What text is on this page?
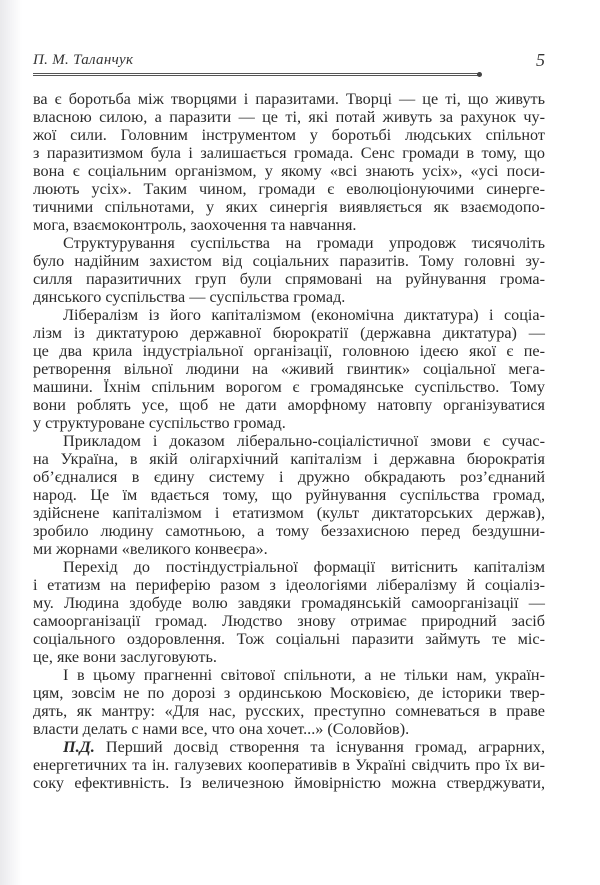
П. М. Таланчук	5
ва є боротьба між творцями і паразитами. Творці — це ті, що живуть
власною силою, а паразити — це ті, які потай живуть за рахунок чу-
жої сили. Головним інструментом у боротьбі людських спільнот
з паразитизмом була і залишається громада. Сенс громади в тому, що
вона є соціальним організмом, у якому «всі знають усіх», «усі поси-
люють усіх». Таким чином, громади є еволюціонуючими синерге-
тичними спільнотами, у яких синергія виявляється як взаємодопо-
мога, взаємоконтроль, заохочення та навчання.
Структурування суспільства на громади упродовж тисячоліть
було надійним захистом від соціальних паразитів. Тому головні зу-
силля паразитичних груп були спрямовані на руйнування грома-
дянського суспільства — суспільства громад.
Лібералізм із його капіталізмом (економічна диктатура) і соціа-
лізм із диктатурою державної бюрократії (державна диктатура) —
це два крила індустріальної організації, головною ідеєю якої є пе-
ретворення вільної людини на «живий гвинтик» соціальної мега-
машини. Їхнім спільним ворогом є громадянське суспільство. Тому
вони роблять усе, щоб не дати аморфному натовпу організуватися
у структуроване суспільство громад.
Прикладом і доказом ліберально-соціалістичної змови є сучас-
на Україна, в якій олігархічний капіталізм і державна бюрократія
об’єдналися в єдину систему і дружно обкрадають роз’єднаний
народ. Це їм вдається тому, що руйнування суспільства громад,
здійснене капіталізмом і етатизмом (культ диктаторських держав),
зробило людину самотньою, а тому беззахисною перед бездушни-
ми жорнами «великого конвеєра».
Перехід до постіндустріальної формації витіснить капіталізм
і етатизм на периферію разом з ідеологіями лібералізму й соціаліз-
му. Людина здобуде волю завдяки громадянській самоорганізації —
самоорганізації громад. Людство знову отримає природний засіб
соціального оздоровлення. Тож соціальні паразити займуть те міс-
це, яке вони заслуговують.
І в цьому прагненні світової спільноти, а не тільки нам, україн-
цям, зовсім не по дорозі з ординською Московією, де історики твер-
дять, як мантру: «Для нас, русских, преступно сомневаться в праве
власти делать с нами все, что она хочет...» (Соловйов).
П.Д. Перший досвід створення та існування громад, аграрних,
енергетичних та ін. галузевих кооперативів в Україні свідчить про їх ви-
соку ефективність. Із величезною ймовірністю можна стверджувати,
